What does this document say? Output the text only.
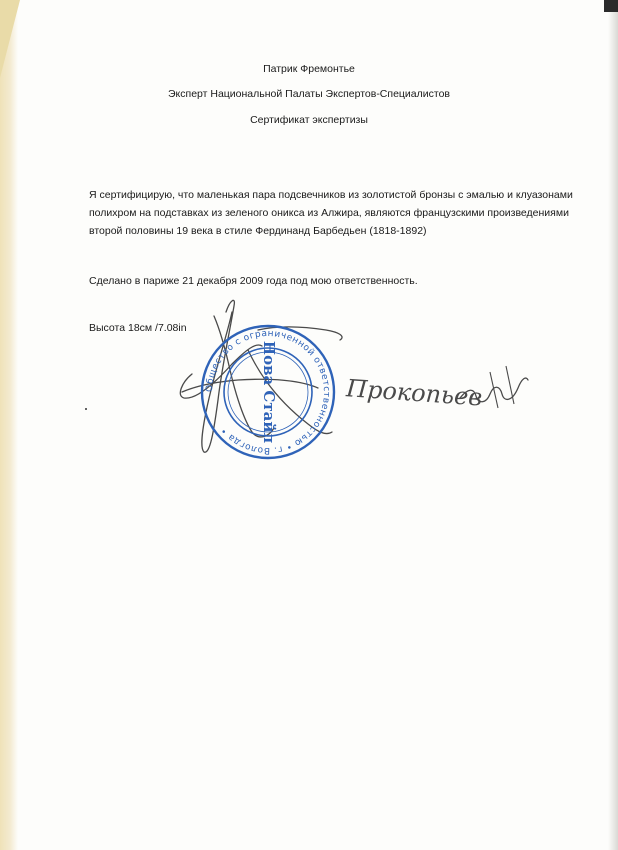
Патрик Фремонтье
Эксперт Национальной Палаты Экспертов-Специалистов
Сертификат экспертизы
Я сертифицирую, что маленькая пара подсвечников из золотистой бронзы с эмалью и клуазонами полихром на подставках из зеленого оникса из Алжира, являются французскими произведениями второй половины 19 века в стиле Фердинанд Барбедьен (1818-1892)
Сделано в париже 21 декабря 2009 года под мою ответственность.
Высота 18см /7.08in
Общество с ограниченной ответственностью • г. Вологда •	Нова Стайл	Прокопьев
